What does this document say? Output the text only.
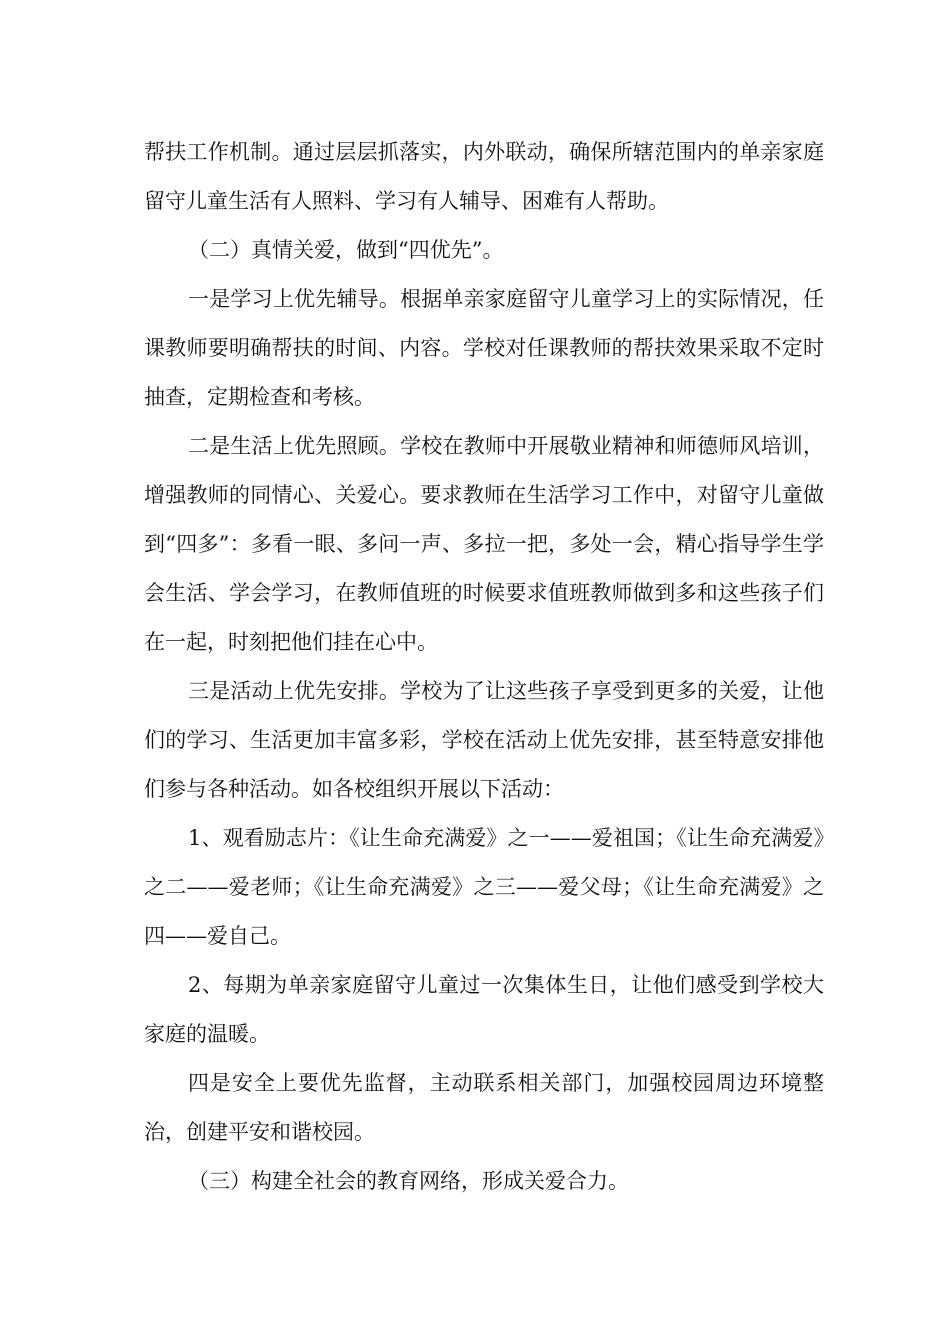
帮扶工作机制。通过层层抓落实，内外联动，确保所辖范围内的单亲家庭留守儿童生活有人照料、学习有人辅导、困难有人帮助。

（二）真情关爱，做到“四优先”。

一是学习上优先辅导。根据单亲家庭留守儿童学习上的实际情况，任课教师要明确帮扶的时间、内容。学校对任课教师的帮扶效果采取不定时抽查，定期检查和考核。

二是生活上优先照顾。学校在教师中开展敬业精神和师德师风培训，增强教师的同情心、关爱心。要求教师在生活学习工作中，对留守儿童做到“四多”：多看一眼、多问一声、多拉一把，多处一会，精心指导学生学会生活、学会学习，在教师值班的时候要求值班教师做到多和这些孩子们在一起，时刻把他们挂在心中。

三是活动上优先安排。学校为了让这些孩子享受到更多的关爱，让他们的学习、生活更加丰富多彩，学校在活动上优先安排，甚至特意安排他们参与各种活动。如各校组织开展以下活动：

1、观看励志片：《让生命充满爱》之一——爱祖国；《让生命充满爱》之二——爱老师；《让生命充满爱》之三——爱父母；《让生命充满爱》之四——爱自己。

2、每期为单亲家庭留守儿童过一次集体生日，让他们感受到学校大家庭的温暖。

四是安全上要优先监督，主动联系相关部门，加强校园周边环境整治，创建平安和谐校园。

（三）构建全社会的教育网络，形成关爱合力。
